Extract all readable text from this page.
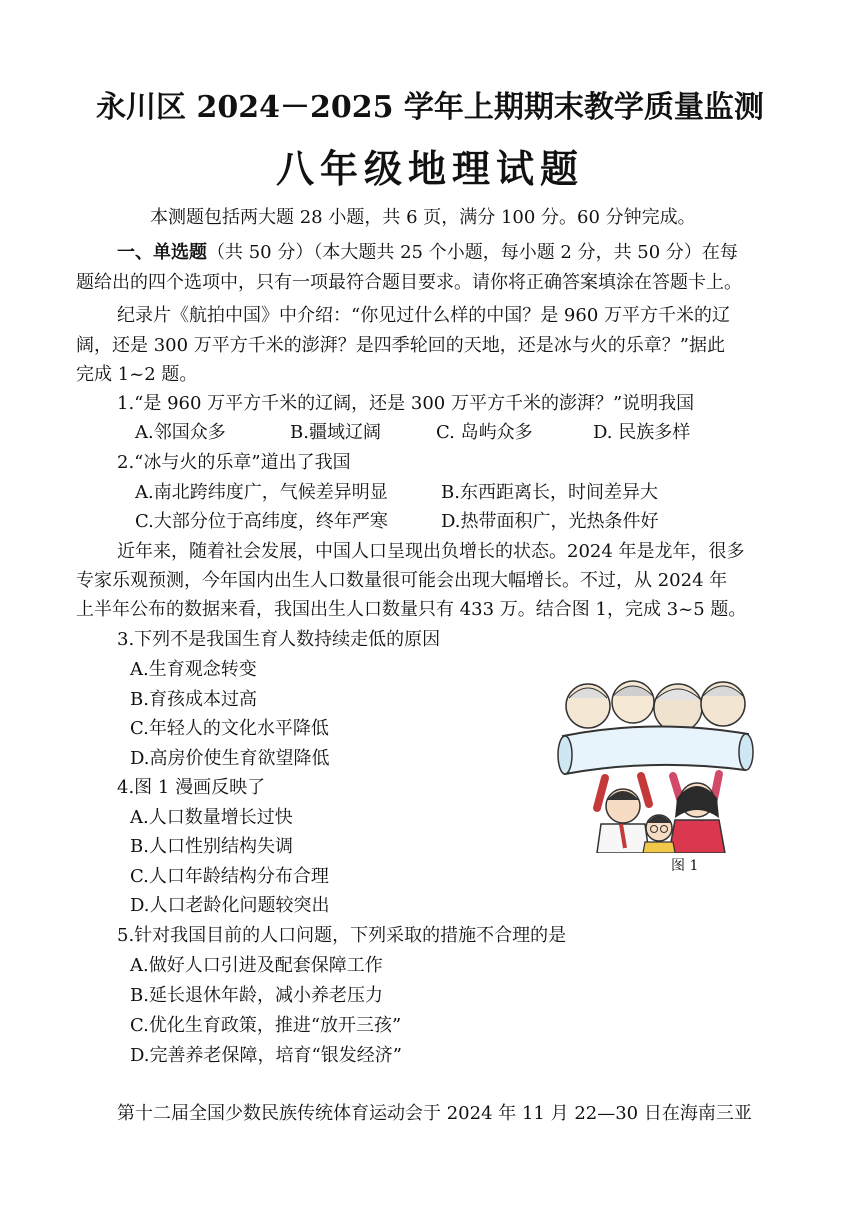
永川区 2024－2025 学年上期期末教学质量监测
八年级地理试题
本测题包括两大题 28 小题，共 6 页，满分 100 分。60 分钟完成。
一、单选题（共 50 分）（本大题共 25 个小题，每小题 2 分，共 50 分）在每
题给出的四个选项中，只有一项最符合题目要求。请你将正确答案填涂在答题卡上。
纪录片《航拍中国》中介绍：“你见过什么样的中国？是 960 万平方千米的辽
阔，还是 300 万平方千米的澎湃？是四季轮回的天地，还是冰与火的乐章？”据此
完成 1~2 题。
1.“是 960 万平方千米的辽阔，还是 300 万平方千米的澎湃？”说明我国
A.邻国众多	B.疆域辽阔	C. 岛屿众多	D. 民族多样
2.“冰与火的乐章”道出了我国
A.南北跨纬度广，气候差异明显	B.东西距离长，时间差异大
C.大部分位于高纬度，终年严寒	D.热带面积广，光热条件好
近年来，随着社会发展，中国人口呈现出负增长的状态。2024 年是龙年，很多
专家乐观预测，今年国内出生人口数量很可能会出现大幅增长。不过，从 2024 年
上半年公布的数据来看，我国出生人口数量只有 433 万。结合图 1，完成 3~5 题。
3.下列不是我国生育人数持续走低的原因
A.生育观念转变
B.育孩成本过高
C.年轻人的文化水平降低
D.高房价使生育欲望降低
4.图 1 漫画反映了
A.人口数量增长过快
B.人口性别结构失调
C.人口年龄结构分布合理
D.人口老龄化问题较突出
5.针对我国目前的人口问题，下列采取的措施不合理的是
A.做好人口引进及配套保障工作
B.延长退休年龄，减小养老压力
C.优化生育政策，推进“放开三孩”
D.完善养老保障，培育“银发经济”
图 1
第十二届全国少数民族传统体育运动会于 2024 年 11 月 22—30 日在海南三亚
